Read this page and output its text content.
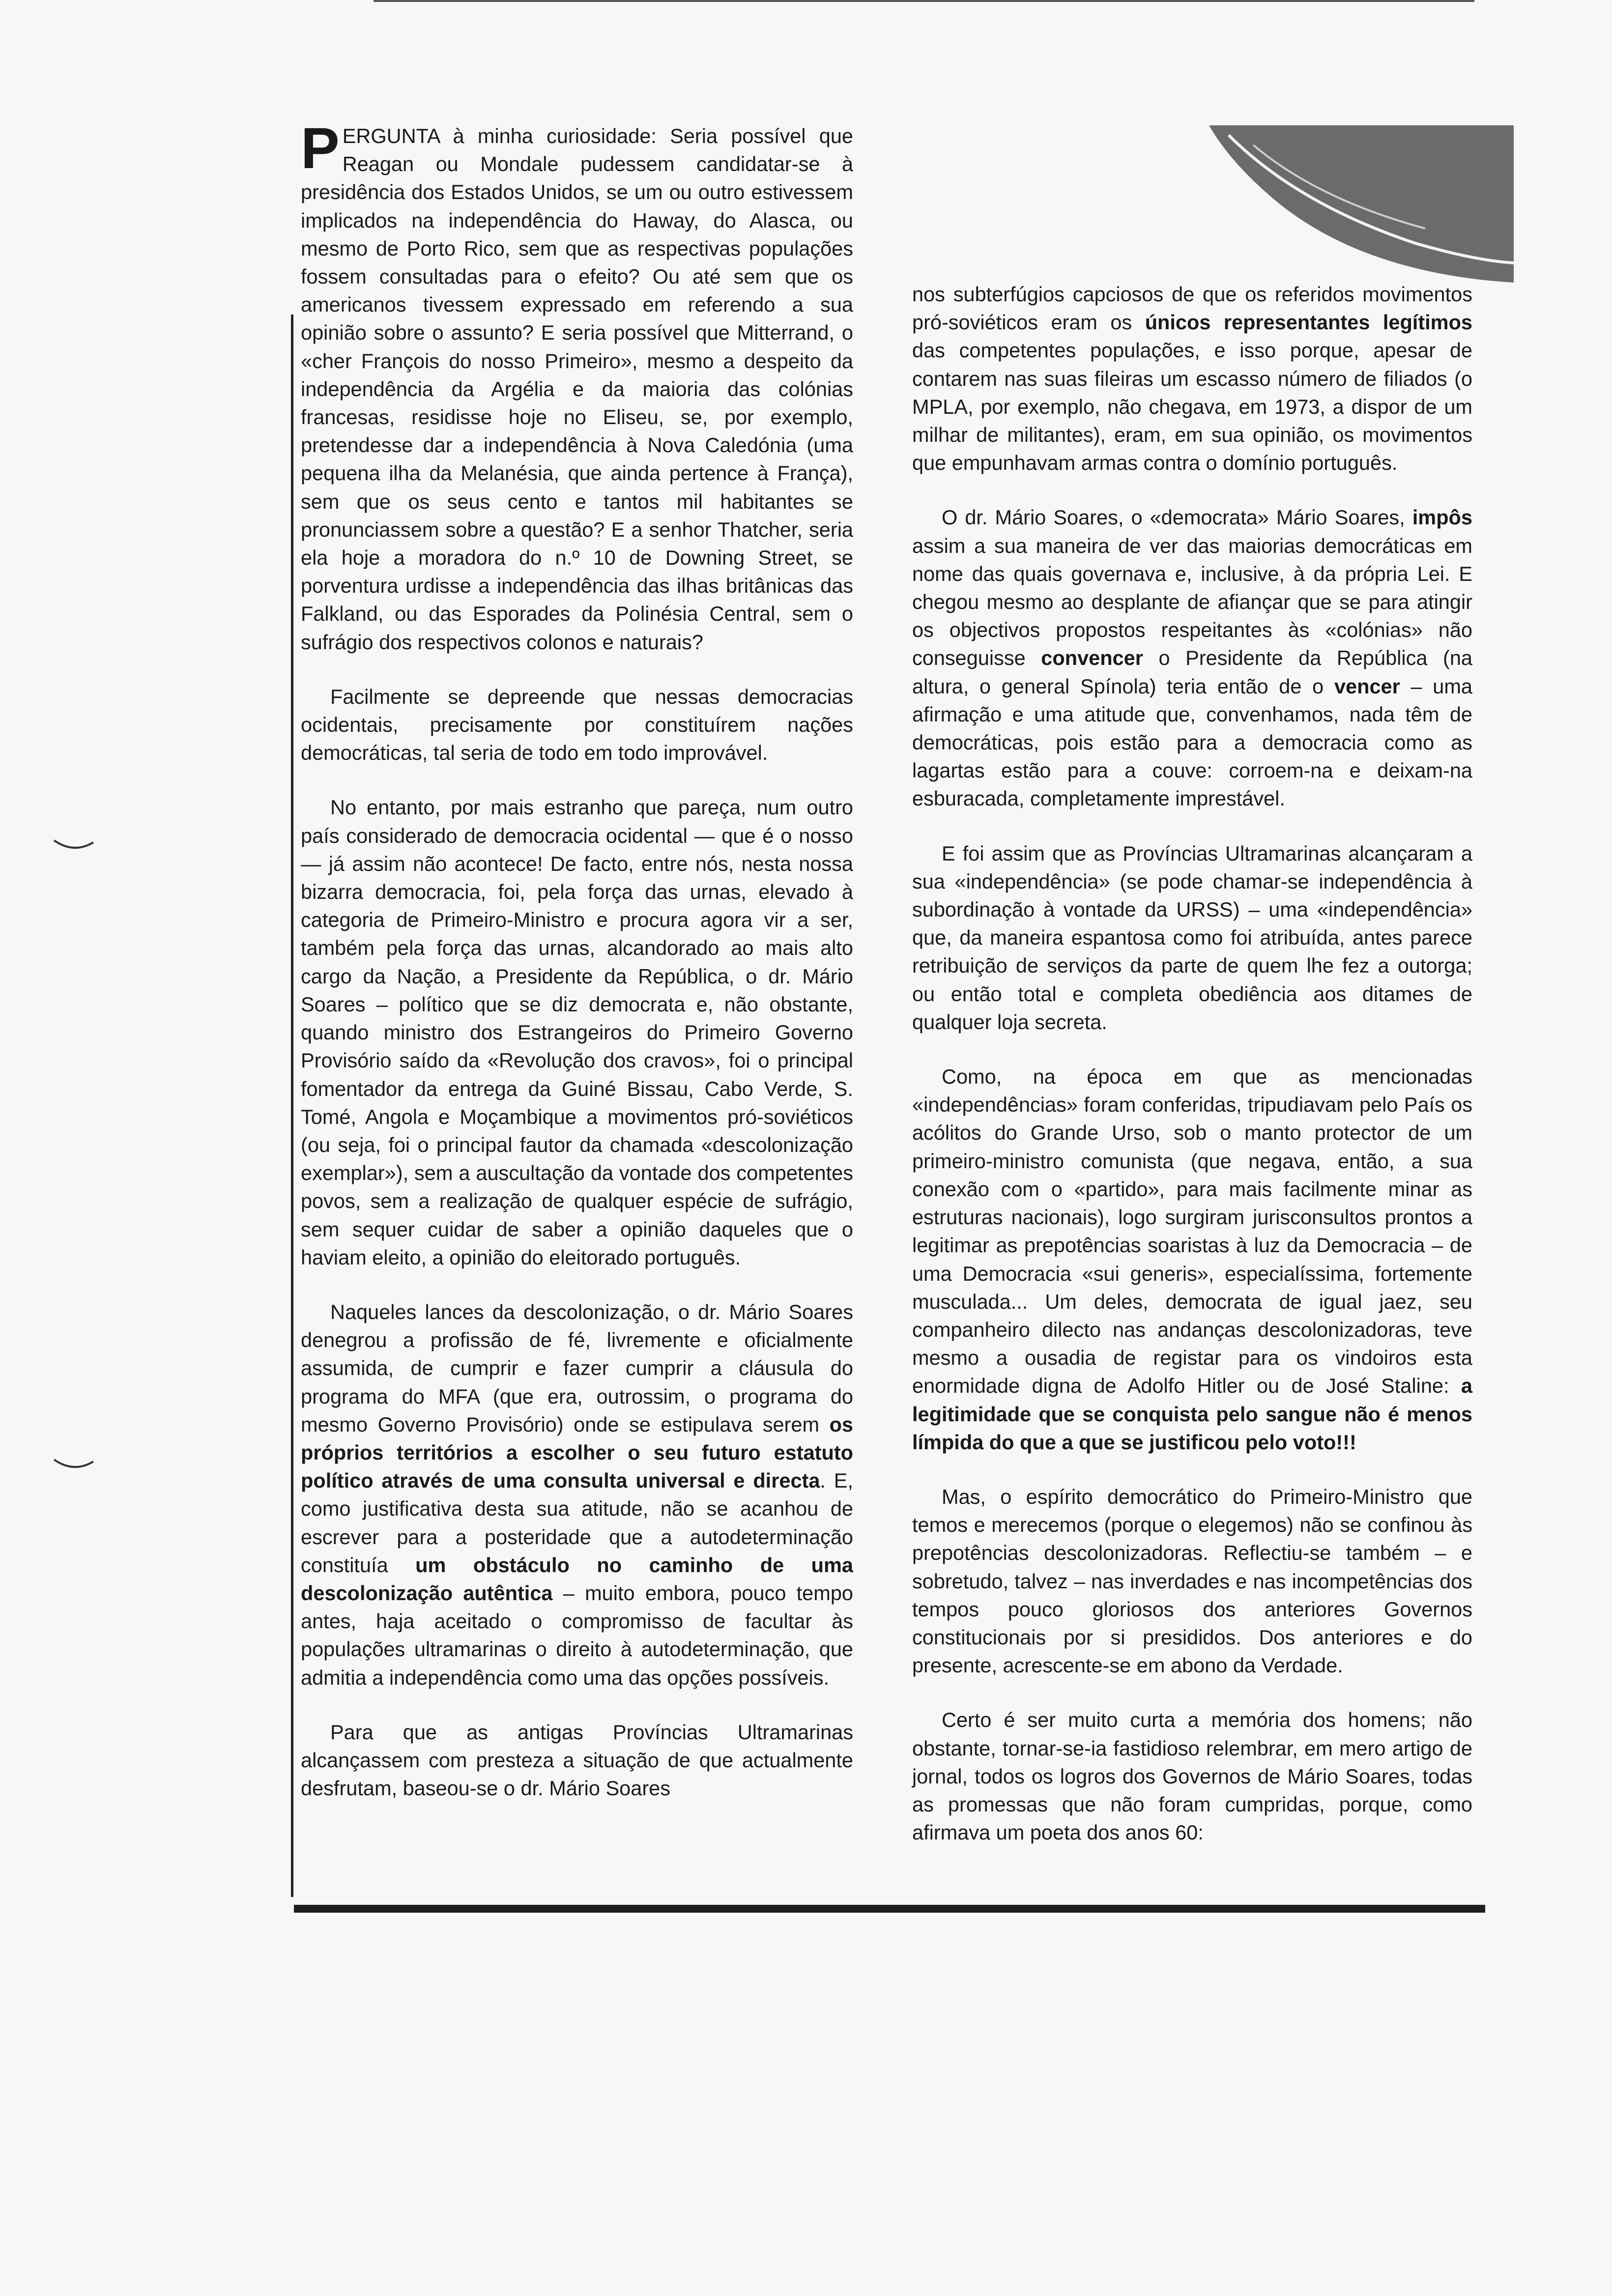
PERGUNTA à minha curiosidade: Seria possível que Reagan ou Mondale pudessem candidatar-se à presidência dos Estados Unidos, se um ou outro estivessem implicados na independência do Haway, do Alasca, ou mesmo de Porto Rico, sem que as respectivas populações fossem consultadas para o efeito? Ou até sem que os americanos tivessem expressado em referendo a sua opinião sobre o assunto? E seria possível que Mitterrand, o «cher François do nosso Primeiro», mesmo a despeito da independência da Argélia e da maioria das colónias francesas, residisse hoje no Eliseu, se, por exemplo, pretendesse dar a independência à Nova Caledónia (uma pequena ilha da Melanésia, que ainda pertence à França), sem que os seus cento e tantos mil habitantes se pronunciassem sobre a questão? E a senhor Thatcher, seria ela hoje a moradora do n.º 10 de Downing Street, se porventura urdisse a independência das ilhas britânicas das Falkland, ou das Esporades da Polinésia Central, sem o sufrágio dos respectivos colonos e naturais?

Facilmente se depreende que nessas democracias ocidentais, precisamente por constituírem nações democráticas, tal seria de todo em todo improvável.

No entanto, por mais estranho que pareça, num outro país considerado de democracia ocidental — que é o nosso — já assim não acontece! De facto, entre nós, nesta nossa bizarra democracia, foi, pela força das urnas, elevado à categoria de Primeiro-Ministro e procura agora vir a ser, também pela força das urnas, alcandorado ao mais alto cargo da Nação, a Presidente da República, o dr. Mário Soares – político que se diz democrata e, não obstante, quando ministro dos Estrangeiros do Primeiro Governo Provisório saído da «Revolução dos cravos», foi o principal fomentador da entrega da Guiné Bissau, Cabo Verde, S. Tomé, Angola e Moçambique a movimentos pró-soviéticos (ou seja, foi o principal fautor da chamada «descolonização exemplar»), sem a auscultação da vontade dos competentes povos, sem a realização de qualquer espécie de sufrágio, sem sequer cuidar de saber a opinião daqueles que o haviam eleito, a opinião do eleitorado português.

Naqueles lances da descolonização, o dr. Mário Soares denegrou a profissão de fé, livremente e oficialmente assumida, de cumprir e fazer cumprir a cláusula do programa do MFA (que era, outrossim, o programa do mesmo Governo Provisório) onde se estipulava serem os próprios territórios a escolher o seu futuro estatuto político através de uma consulta universal e directa. E, como justificativa desta sua atitude, não se acanhou de escrever para a posteridade que a autodeterminação constituía um obstáculo no caminho de uma descolonização autêntica – muito embora, pouco tempo antes, haja aceitado o compromisso de facultar às populações ultramarinas o direito à autodeterminação, que admitia a independência como uma das opções possíveis.

Para que as antigas Províncias Ultramarinas alcançassem com presteza a situação de que actualmente desfrutam, baseou-se o dr. Mário Soares

nos subterfúgios capciosos de que os referidos movimentos pró-soviéticos eram os únicos representantes legítimos das competentes populações, e isso porque, apesar de contarem nas suas fileiras um escasso número de filiados (o MPLA, por exemplo, não chegava, em 1973, a dispor de um milhar de militantes), eram, em sua opinião, os movimentos que empunhavam armas contra o domínio português.

O dr. Mário Soares, o «democrata» Mário Soares, impôs assim a sua maneira de ver das maiorias democráticas em nome das quais governava e, inclusive, à da própria Lei. E chegou mesmo ao desplante de afiançar que se para atingir os objectivos propostos respeitantes às «colónias» não conseguisse convencer o Presidente da República (na altura, o general Spínola) teria então de o vencer – uma afirmação e uma atitude que, convenhamos, nada têm de democráticas, pois estão para a democracia como as lagartas estão para a couve: corroem-na e deixam-na esburacada, completamente imprestável.

E foi assim que as Províncias Ultramarinas alcançaram a sua «independência» (se pode chamar-se independência à subordinação à vontade da URSS) – uma «independência» que, da maneira espantosa como foi atribuída, antes parece retribuição de serviços da parte de quem lhe fez a outorga; ou então total e completa obediência aos ditames de qualquer loja secreta.

Como, na época em que as mencionadas «independências» foram conferidas, tripudiavam pelo País os acólitos do Grande Urso, sob o manto protector de um primeiro-ministro comunista (que negava, então, a sua conexão com o «partido», para mais facilmente minar as estruturas nacionais), logo surgiram jurisconsultos prontos a legitimar as prepotências soaristas à luz da Democracia – de uma Democracia «sui generis», especialíssima, fortemente musculada... Um deles, democrata de igual jaez, seu companheiro dilecto nas andanças descolonizadoras, teve mesmo a ousadia de registar para os vindoiros esta enormidade digna de Adolfo Hitler ou de José Staline: a legitimidade que se conquista pelo sangue não é menos límpida do que a que se justificou pelo voto!!!

Mas, o espírito democrático do Primeiro-Ministro que temos e merecemos (porque o elegemos) não se confinou às prepotências descolonizadoras. Reflectiu-se também – e sobretudo, talvez – nas inverdades e nas incompetências dos tempos pouco gloriosos dos anteriores Governos constitucionais por si presididos. Dos anteriores e do presente, acrescente-se em abono da Verdade.

Certo é ser muito curta a memória dos homens; não obstante, tornar-se-ia fastidioso relembrar, em mero artigo de jornal, todos os logros dos Governos de Mário Soares, todas as promessas que não foram cumpridas, porque, como afirmava um poeta dos anos 60:
